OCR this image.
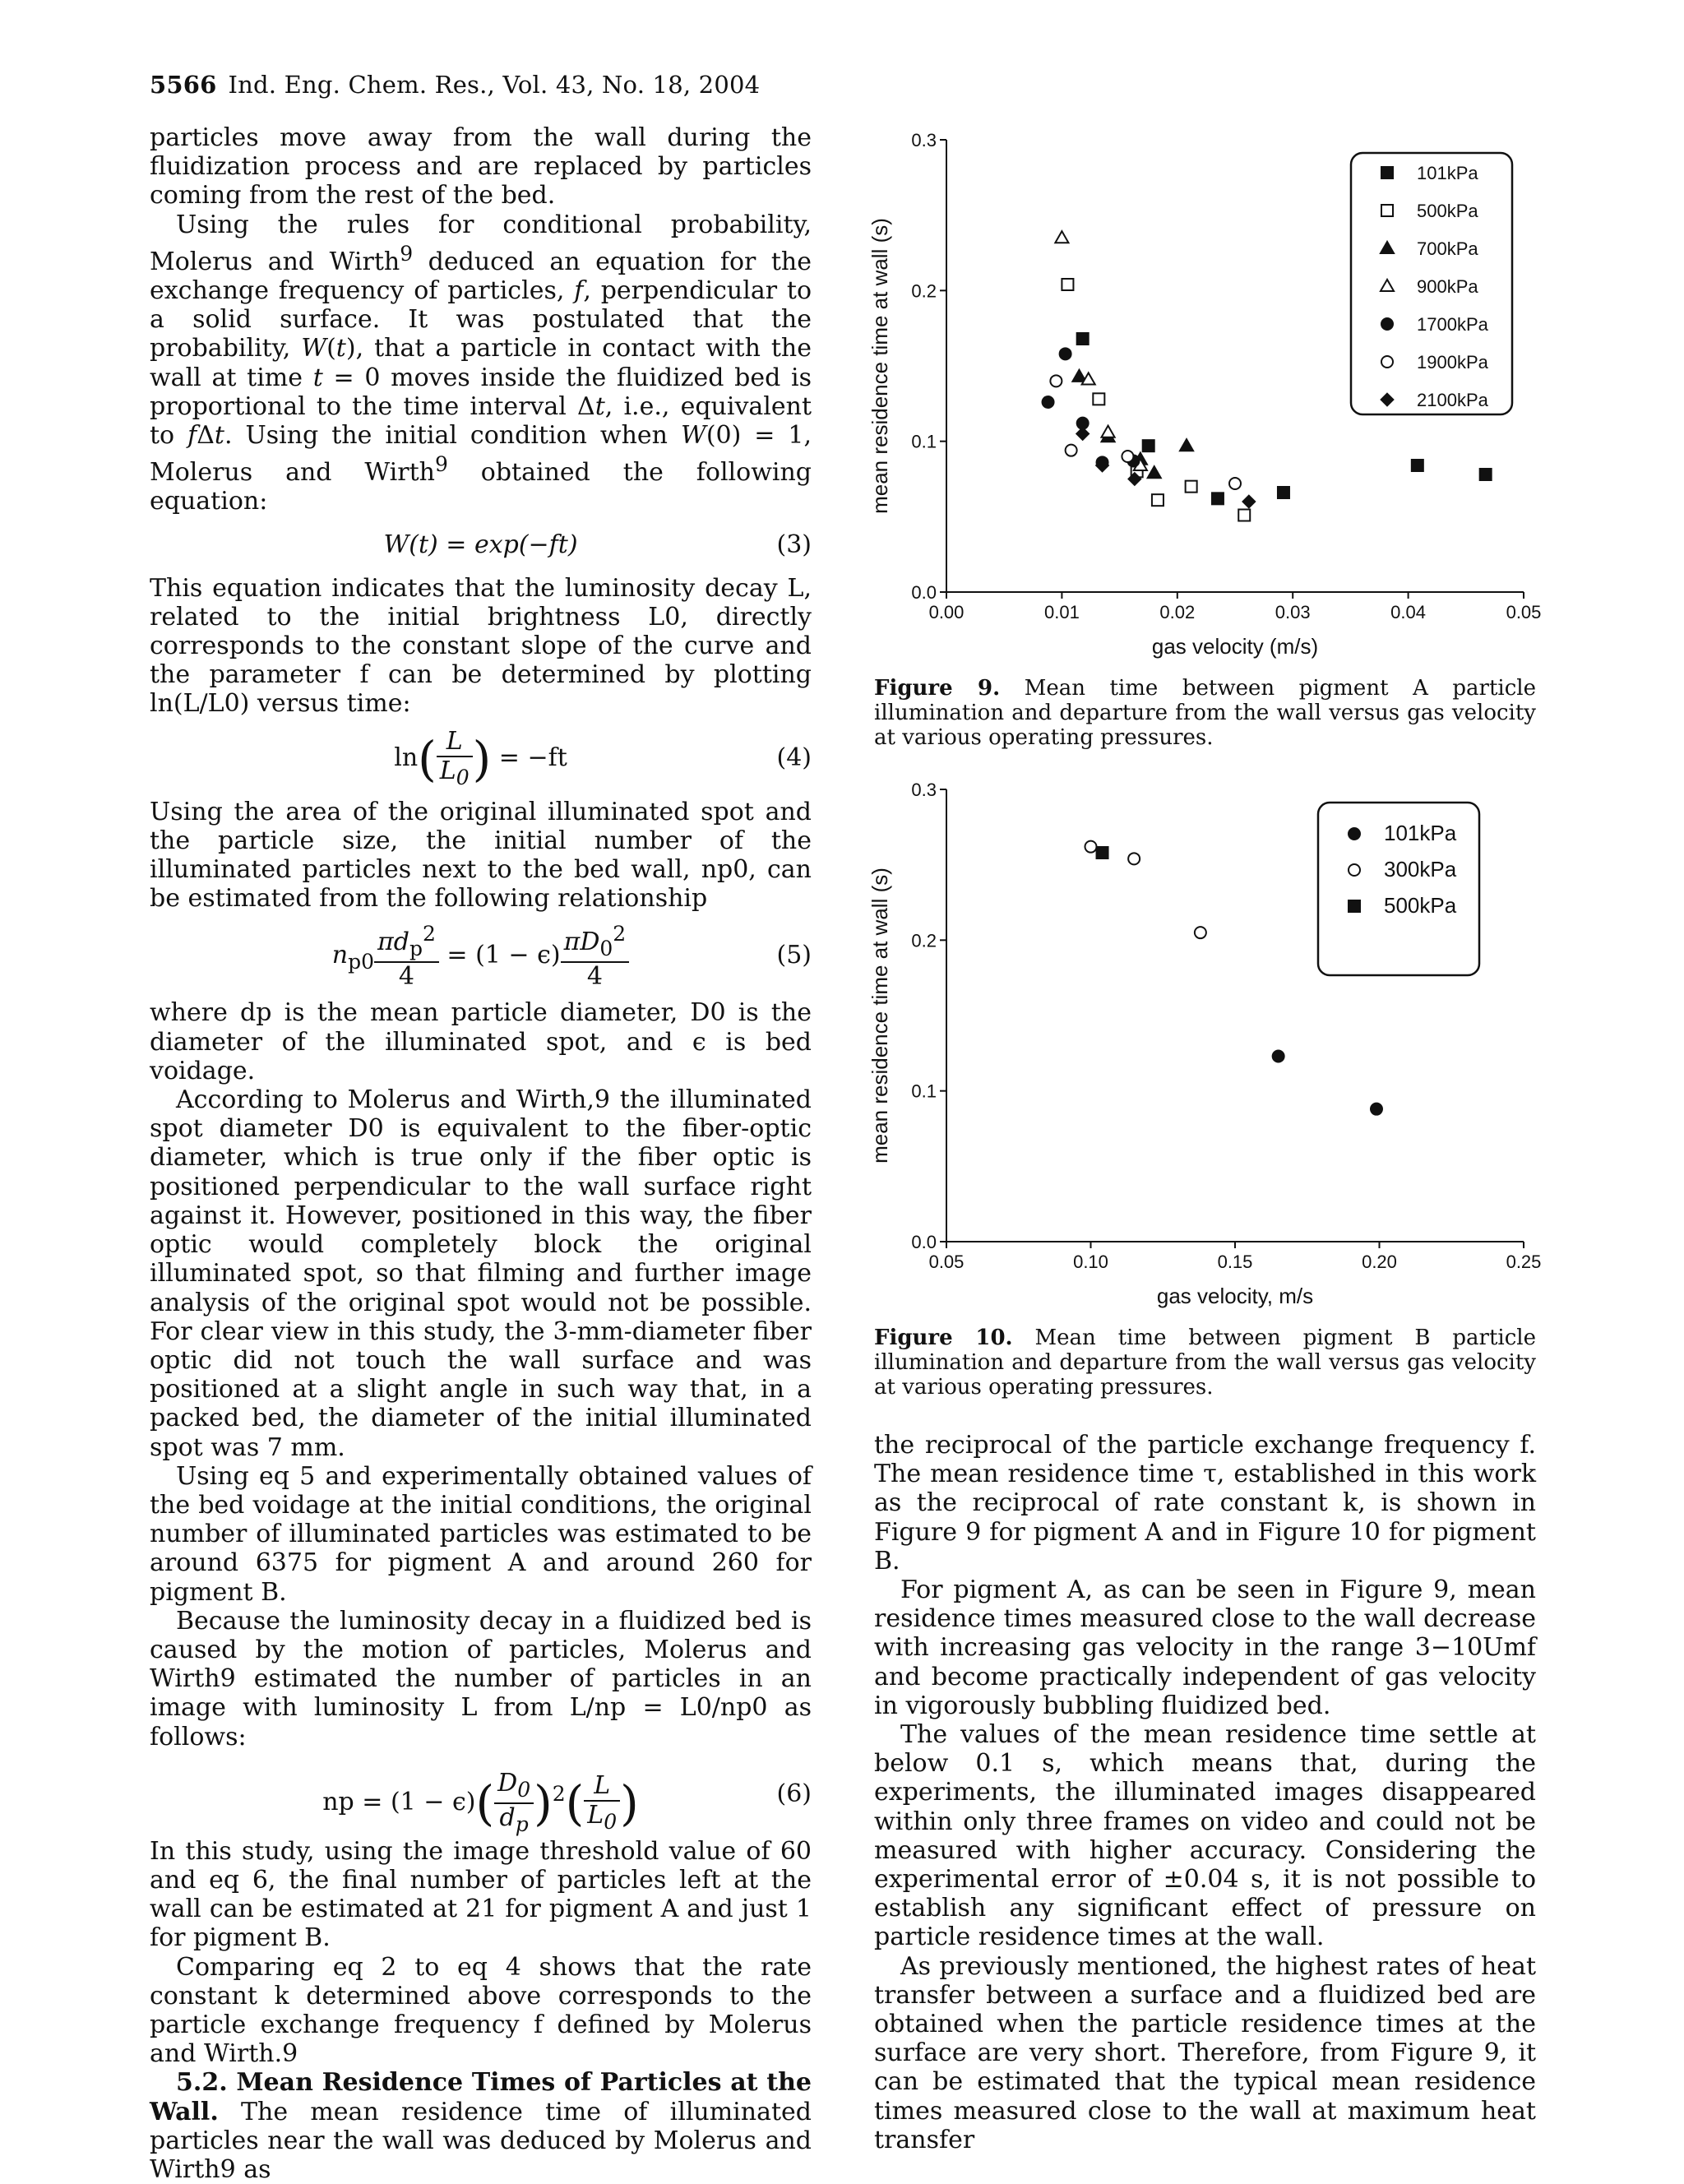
5566 Ind. Eng. Chem. Res., Vol. 43, No. 18, 2004

particles move away from the wall during the fluidization process and are replaced by particles coming from the rest of the bed.

Using the rules for conditional probability, Molerus and Wirth$^9$ deduced an equation for the exchange frequency of particles, f, perpendicular to a solid surface. It was postulated that the probability, W(t), that a particle in contact with the wall at time t = 0 moves inside the fluidized bed is proportional to the time interval Δt, i.e., equivalent to fΔt. Using the initial condition when W(0) = 1, Molerus and Wirth$^9$ obtained the following equation:

W(t) = exp(−ft)	(3)

This equation indicates that the luminosity decay L, related to the initial brightness L0, directly corresponds to the constant slope of the curve and the parameter f can be determined by plotting ln(L/L0) versus time:

$\ln( \frac{L}{L_0}$ ) = −ft	(4)

Using the area of the original illuminated spot and the particle size, the initial number of the illuminated particles next to the bed wall, np0, can be estimated from the following relationship

$n_{p0} \frac{\pi d_p^2}{4} = (1 - \epsilon) \frac{\pi D_0^2}{4}$	(5)

where dp is the mean particle diameter, D0 is the diameter of the illuminated spot, and ϵ is bed voidage.

According to Molerus and Wirth,9 the illuminated spot diameter D0 is equivalent to the fiber-optic diameter, which is true only if the fiber optic is positioned perpendicular to the wall surface right against it. However, positioned in this way, the fiber optic would completely block the original illuminated spot, so that filming and further image analysis of the original spot would not be possible. For clear view in this study, the 3-mm-diameter fiber optic did not touch the wall surface and was positioned at a slight angle in such way that, in a packed bed, the diameter of the initial illuminated spot was 7 mm.

Using eq 5 and experimentally obtained values of the bed voidage at the initial conditions, the original number of illuminated particles was estimated to be around 6375 for pigment A and around 260 for pigment B.

Because the luminosity decay in a fluidized bed is caused by the motion of particles, Molerus and Wirth9 estimated the number of particles in an image with luminosity L from L/np = L0/np0 as follows:

np = $(1 - \epsilon)( \frac{D_0}{d_p} )^2( \frac{L}{L_0}$ )	(6)

In this study, using the image threshold value of 60 and eq 6, the final number of particles left at the wall can be estimated at 21 for pigment A and just 1 for pigment B.

Comparing eq 2 to eq 4 shows that the rate constant k determined above corresponds to the particle exchange frequency f defined by Molerus and Wirth.9

5.2. Mean Residence Times of Particles at the Wall. The mean residence time of illuminated particles near the wall was deduced by Molerus and Wirth9 as

0.0
0.1
0.2
0.3
0.00	0.01	0.02	0.03	0.04	0.05
gas velocity (m/s)
mean residence time at wall (s)
101kPa
500kPa
700kPa
900kPa
1700kPa
1900kPa
2100kPa
Figure 9. Mean time between pigment A particle illumination and departure from the wall versus gas velocity at various operating pressures.
0.0
0.1
0.2
0.3
0.05	0.10	0.15	0.20	0.25
gas velocity, m/s
mean residence time at wall (s)
101kPa
300kPa
500kPa
Figure 10. Mean time between pigment B particle illumination and departure from the wall versus gas velocity at various operating pressures.

the reciprocal of the particle exchange frequency f. The mean residence time τ, established in this work as the reciprocal of rate constant k, is shown in Figure 9 for pigment A and in Figure 10 for pigment B.

For pigment A, as can be seen in Figure 9, mean residence times measured close to the wall decrease with increasing gas velocity in the range 3−10Umf and become practically independent of gas velocity in vigorously bubbling fluidized bed.

The values of the mean residence time settle at below 0.1 s, which means that, during the experiments, the illuminated images disappeared within only three frames on video and could not be measured with higher accuracy. Considering the experimental error of ±0.04 s, it is not possible to establish any significant effect of pressure on particle residence times at the wall.

As previously mentioned, the highest rates of heat transfer between a surface and a fluidized bed are obtained when the particle residence times at the surface are very short. Therefore, from Figure 9, it can be estimated that the typical mean residence times measured close to the wall at maximum heat transfer
